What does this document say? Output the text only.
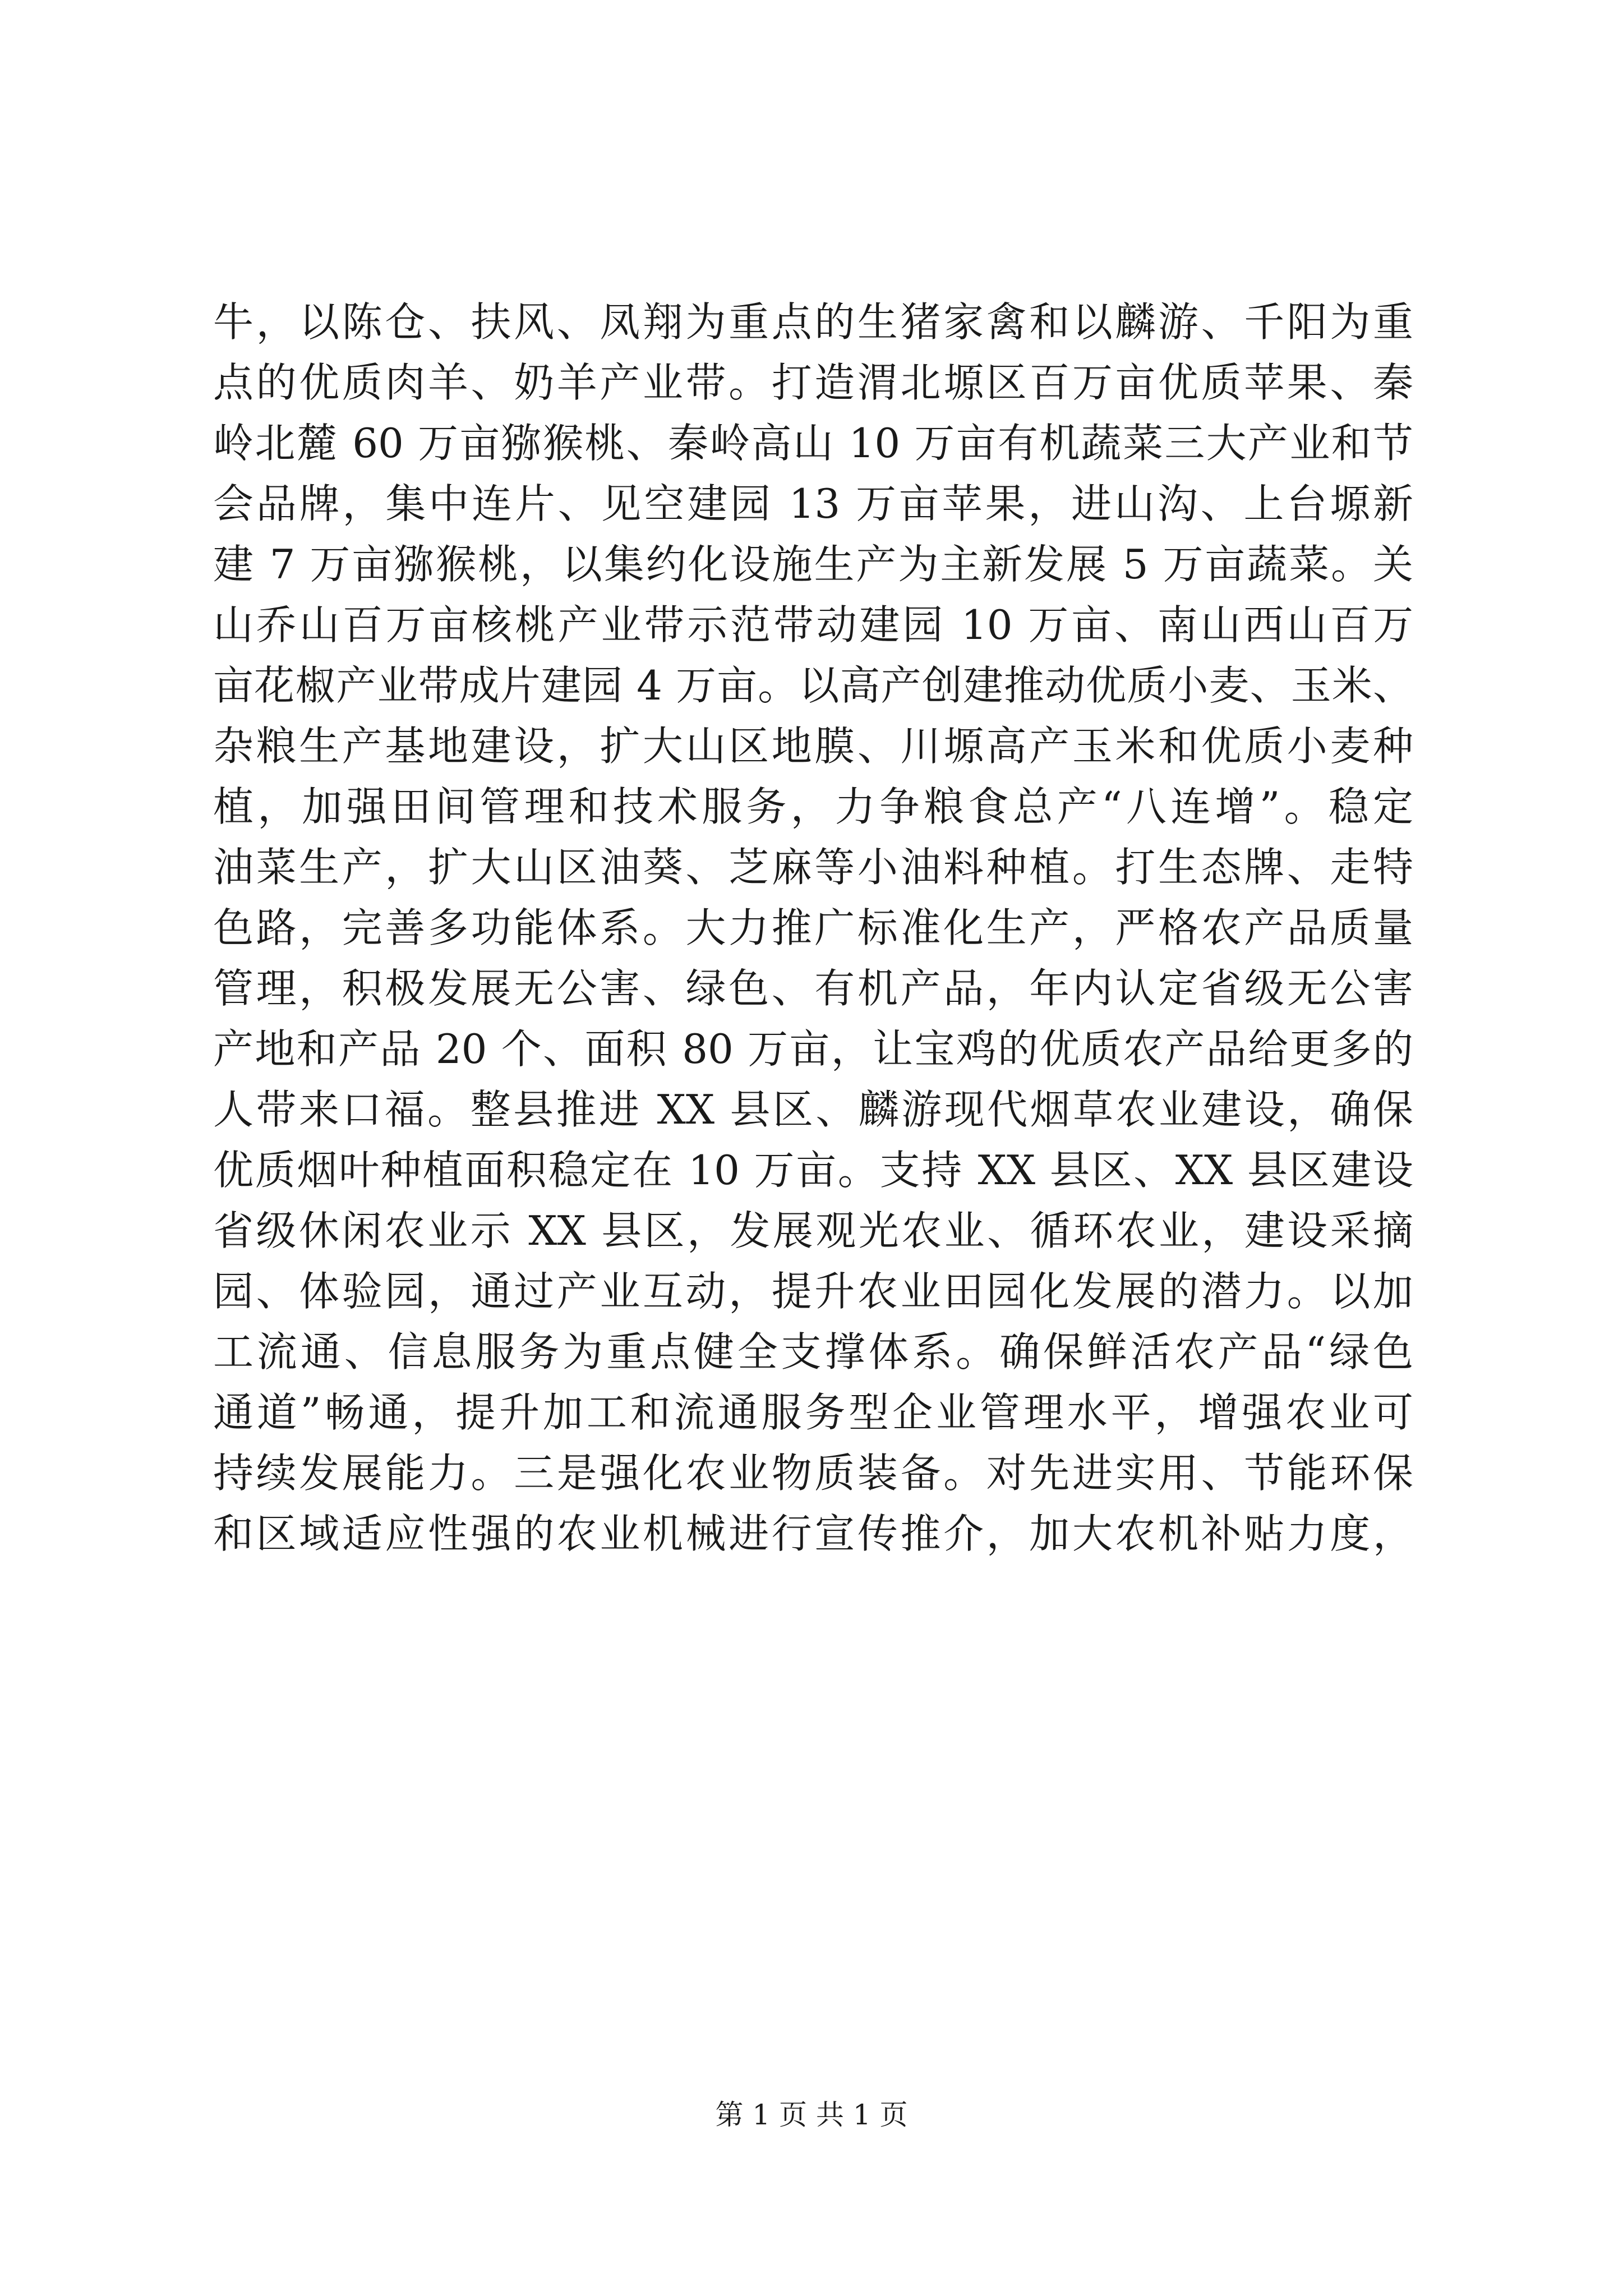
牛，以陈仓、扶风、凤翔为重点的生猪家禽和以麟游、千阳为重
点的优质肉羊、奶羊产业带。打造渭北塬区百万亩优质苹果、秦
岭北麓 60 万亩猕猴桃、秦岭高山 10 万亩有机蔬菜三大产业和节
会品牌，集中连片、见空建园 13 万亩苹果，进山沟、上台塬新
建 7 万亩猕猴桃，以集约化设施生产为主新发展 5 万亩蔬菜。关
山乔山百万亩核桃产业带示范带动建园 10 万亩、南山西山百万
亩花椒产业带成片建园 4 万亩。以高产创建推动优质小麦、玉米、
杂粮生产基地建设，扩大山区地膜、川塬高产玉米和优质小麦种
植，加强田间管理和技术服务，力争粮食总产“八连增”。稳定
油菜生产，扩大山区油葵、芝麻等小油料种植。打生态牌、走特
色路，完善多功能体系。大力推广标准化生产，严格农产品质量
管理，积极发展无公害、绿色、有机产品，年内认定省级无公害
产地和产品 20 个、面积 80 万亩，让宝鸡的优质农产品给更多的
人带来口福。整县推进 XX 县区、麟游现代烟草农业建设，确保
优质烟叶种植面积稳定在 10 万亩。支持 XX 县区、XX 县区建设
省级休闲农业示 XX 县区，发展观光农业、循环农业，建设采摘
园、体验园，通过产业互动，提升农业田园化发展的潜力。以加
工流通、信息服务为重点健全支撑体系。确保鲜活农产品“绿色
通道”畅通，提升加工和流通服务型企业管理水平，增强农业可
持续发展能力。三是强化农业物质装备。对先进实用、节能环保
和区域适应性强的农业机械进行宣传推介，加大农机补贴力度，
第 1 页 共 1 页
